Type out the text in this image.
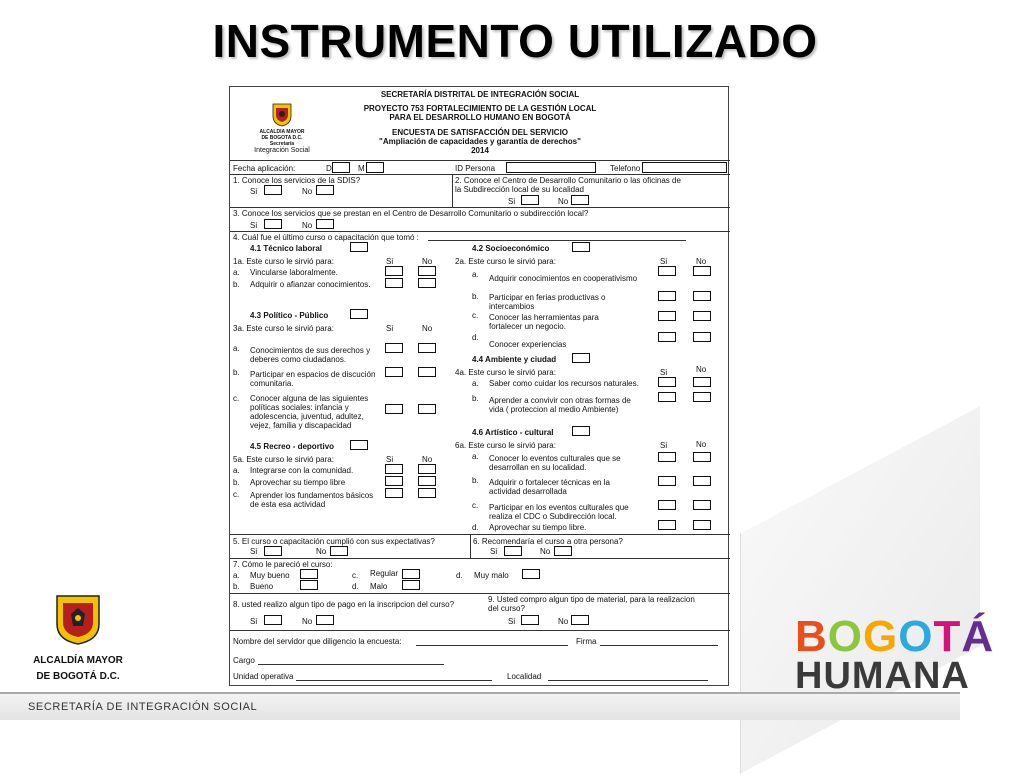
INSTRUMENTO UTILIZADO
ALCALDIA MAYOR
DE BOGOTA D.C.
Secretaría
Integración Social
SECRETARÍA DISTRITAL DE INTEGRACIÓN SOCIAL
PROYECTO 753 FORTALECIMIENTO DE LA GESTIÓN LOCAL
PARA EL DESARROLLO HUMANO EN BOGOTÁ
ENCUESTA DE SATISFACCIÓN DEL SERVICIO
"Ampliación de capacidades y garantía de derechos"
2014
Fecha aplicación:	D	M	ID Persona	Telefono
1. Conoce los servicios de la SDIS?
Si	No
2. Conoce el Centro de Desarrollo Comunitario o las oficinas de
la Subdirección local de su localidad
Si	No
3. Conoce los servicios que se prestan en el Centro de Desarrollo Comunitario o subdirección local?
Si	No
4. Cuál fue el último curso o capacitación que tomó :
4.1 Técnico laboral
1a. Este curso le sirvió para:	Si	No
a. Vincularse laboralmente.
b. Adquirir o afianzar conocimientos.
4.2 Socioeconómico
2a. Este curso le sirvió para:	Si	No
a. Adquirir conocimientos en cooperativismo
b. Participar en ferias productivas o
intercambios
c. Conocer las herramientas para
fortalecer un negocio.
d.
Conocer experiencias
4.3 Político - Público
3a. Este curso le sirvió para:	Si	No
a. Conocimientos de sus derechos y
deberes como ciudadanos.
b. Participar en espacios de discución
comunitaria.
c. Conocer alguna de las siguientes
políticas sociales: infancia y
adolescencia, juventud, adultez,
vejez, familia y discapacidad
4.4 Ambiente y ciudad
4a. Este curso le sirvió para:	Si	No
a. Saber como cuidar los recursos naturales.
b. Aprender a convivir con otras formas de
vida ( proteccion al medio Ambiente)
4.6 Artístico - cultural
6a. Este curso le sirvió para:	Si	No
a. Conocer lo eventos culturales que se
desarrollan en su localidad.
b. Adquirir o fortalecer técnicas en la
actividad desarrollada
c. Participar en los eventos culturales que
realiza el CDC o Subdirección local.
d. Aprovechar su tiempo libre.
4.5 Recreo - deportivo
5a. Este curso le sirvió para:	Si	No
a. Integrarse con la comunidad.
b. Aprovechar su tiempo libre
c. Aprender los fundamentos básicos
de esta esa actividad
5. El curso o capacitación cumplió con sus expectativas?
Si	No
6. Recomendaría el curso a otra persona?
Si	No
7. Cómo le pareció el curso:
a. Muy bueno
b. Bueno
c. Regular
d. Malo
d. Muy malo
8. usted realizo algun tipo de pago en la inscripcion del curso?
Si	No
9. Usted compro algun tipo de material, para la realizacion
del curso?
Si	No
Nombre del servidor que diligencio la encuesta:	Firma
Cargo
Unidad operativa	Localidad
ALCALDÍA MAYOR
DE BOGOTÁ D.C.
BOGOTÁ
HUMANA
SECRETARÍA DE INTEGRACIÓN SOCIAL
